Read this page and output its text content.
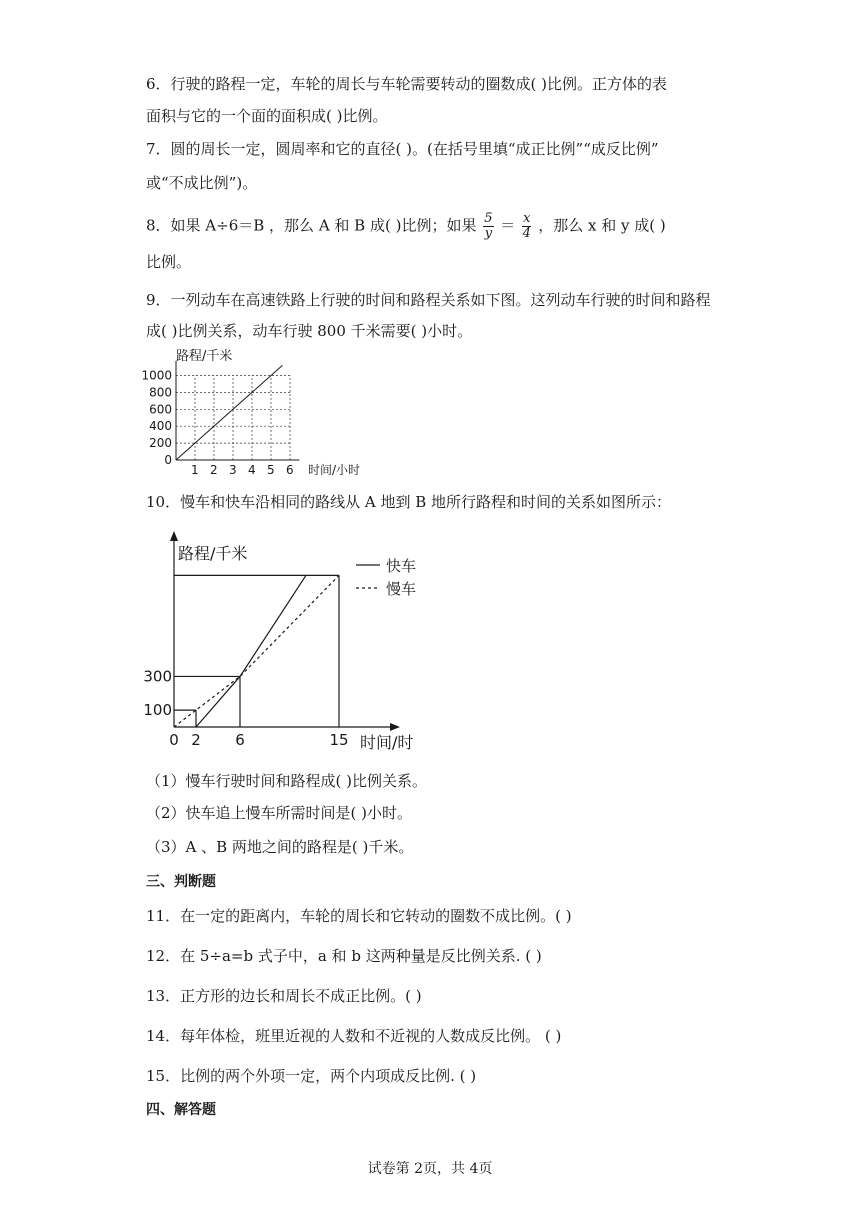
6．行驶的路程一定，车轮的周长与车轮需要转动的圈数成( )比例。正方体的表
面积与它的一个面的面积成( )比例。
7．圆的周长一定，圆周率和它的直径( )。(在括号里填“成正比例”“成反比例”
或“不成比例”)。
8．如果 A÷6＝B ，那么 A 和 B 成( )比例；如果 $\frac{5}{y} = \frac{x}{4}$ ，那么 x 和 y 成( )
比例。
9．一列动车在高速铁路上行驶的时间和路程关系如下图。这列动车行驶的时间和路程
成( )比例关系，动车行驶 800 千米需要( )小时。
1 2 3 4 5 6
0
200
400
600
800
1000
路程/千米
时间/小时
10．慢车和快车沿相同的路线从 A 地到 B 地所行路程和时间的关系如图所示：
0 2 6	15
100
300
路程/千米
时间/时
快车
慢车
（1）慢车行驶时间和路程成( )比例关系。
（2）快车追上慢车所需时间是( )小时。
（3）A 、B 两地之间的路程是( )千米。
三、判断题
11．在一定的距离内，车轮的周长和它转动的圈数不成比例。( )
12．在 5÷a=b 式子中，a 和 b 这两种量是反比例关系. ( )
13．正方形的边长和周长不成正比例。( )
14．每年体检，班里近视的人数和不近视的人数成反比例。 ( )
15．比例的两个外项一定，两个内项成反比例. ( )
四、解答题
试卷第 2页，共 4页
